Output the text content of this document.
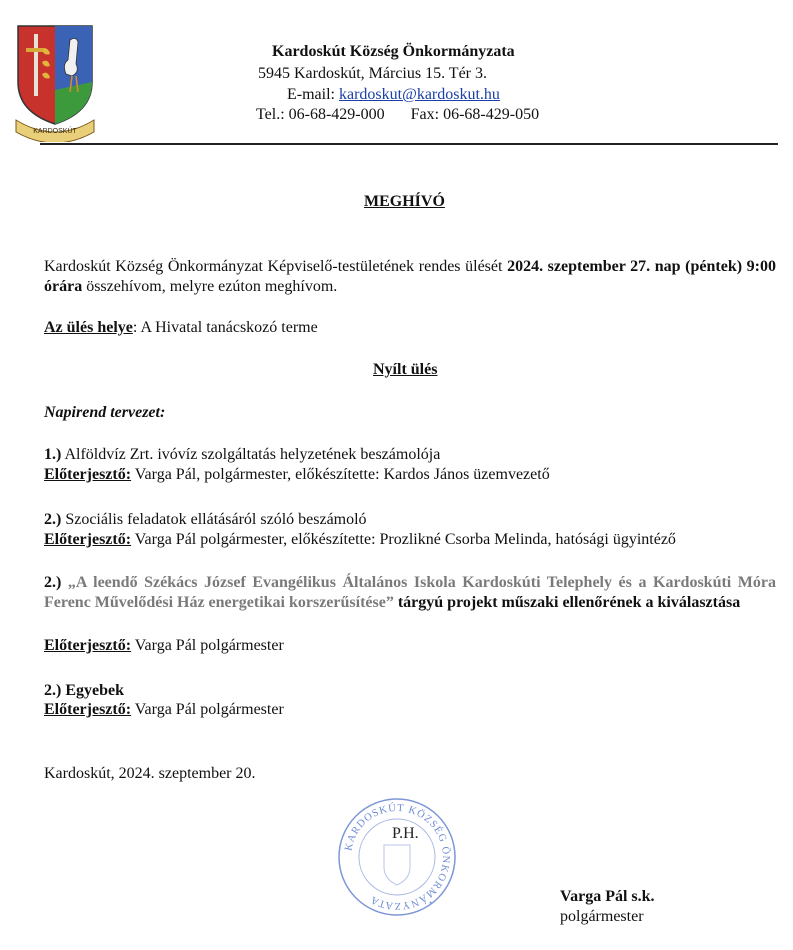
KARDOSKÚT
Kardoskút Község Önkormányzata
5945 Kardoskút, Március 15. Tér 3.
E-mail: kardoskut@kardoskut.hu
Tel.: 06-68-429-000 Fax: 06-68-429-050
MEGHÍVÓ
Kardoskút Község Önkormányzat Képviselő-testületének rendes ülését 2024. szeptember 27. nap (péntek) 9:00 órára összehívom, melyre ezúton meghívom.
Az ülés helye: A Hivatal tanácskozó terme
Nyílt ülés
Napirend tervezet:
1.) Alföldvíz Zrt. ivóvíz szolgáltatás helyzetének beszámolója
Előterjesztő: Varga Pál, polgármester, előkészítette: Kardos János üzemvezető
2.) Szociális feladatok ellátásáról szóló beszámoló
Előterjesztő: Varga Pál polgármester, előkészítette: Prozlikné Csorba Melinda, hatósági ügyintéző
2.) „A leendő Székács József Evangélikus Általános Iskola Kardoskúti Telephely és a Kardoskúti Móra Ferenc Művelődési Ház energetikai korszerűsítése” tárgyú projekt műszaki ellenőrének a kiválasztása
Előterjesztő: Varga Pál polgármester
2.) Egyebek
Előterjesztő: Varga Pál polgármester
Kardoskút, 2024. szeptember 20.
KARDOSKÚT KÖZSÉG ÖNKORMÁNYZATA	*
P.H.
Varga Pál s.k.
polgármester
